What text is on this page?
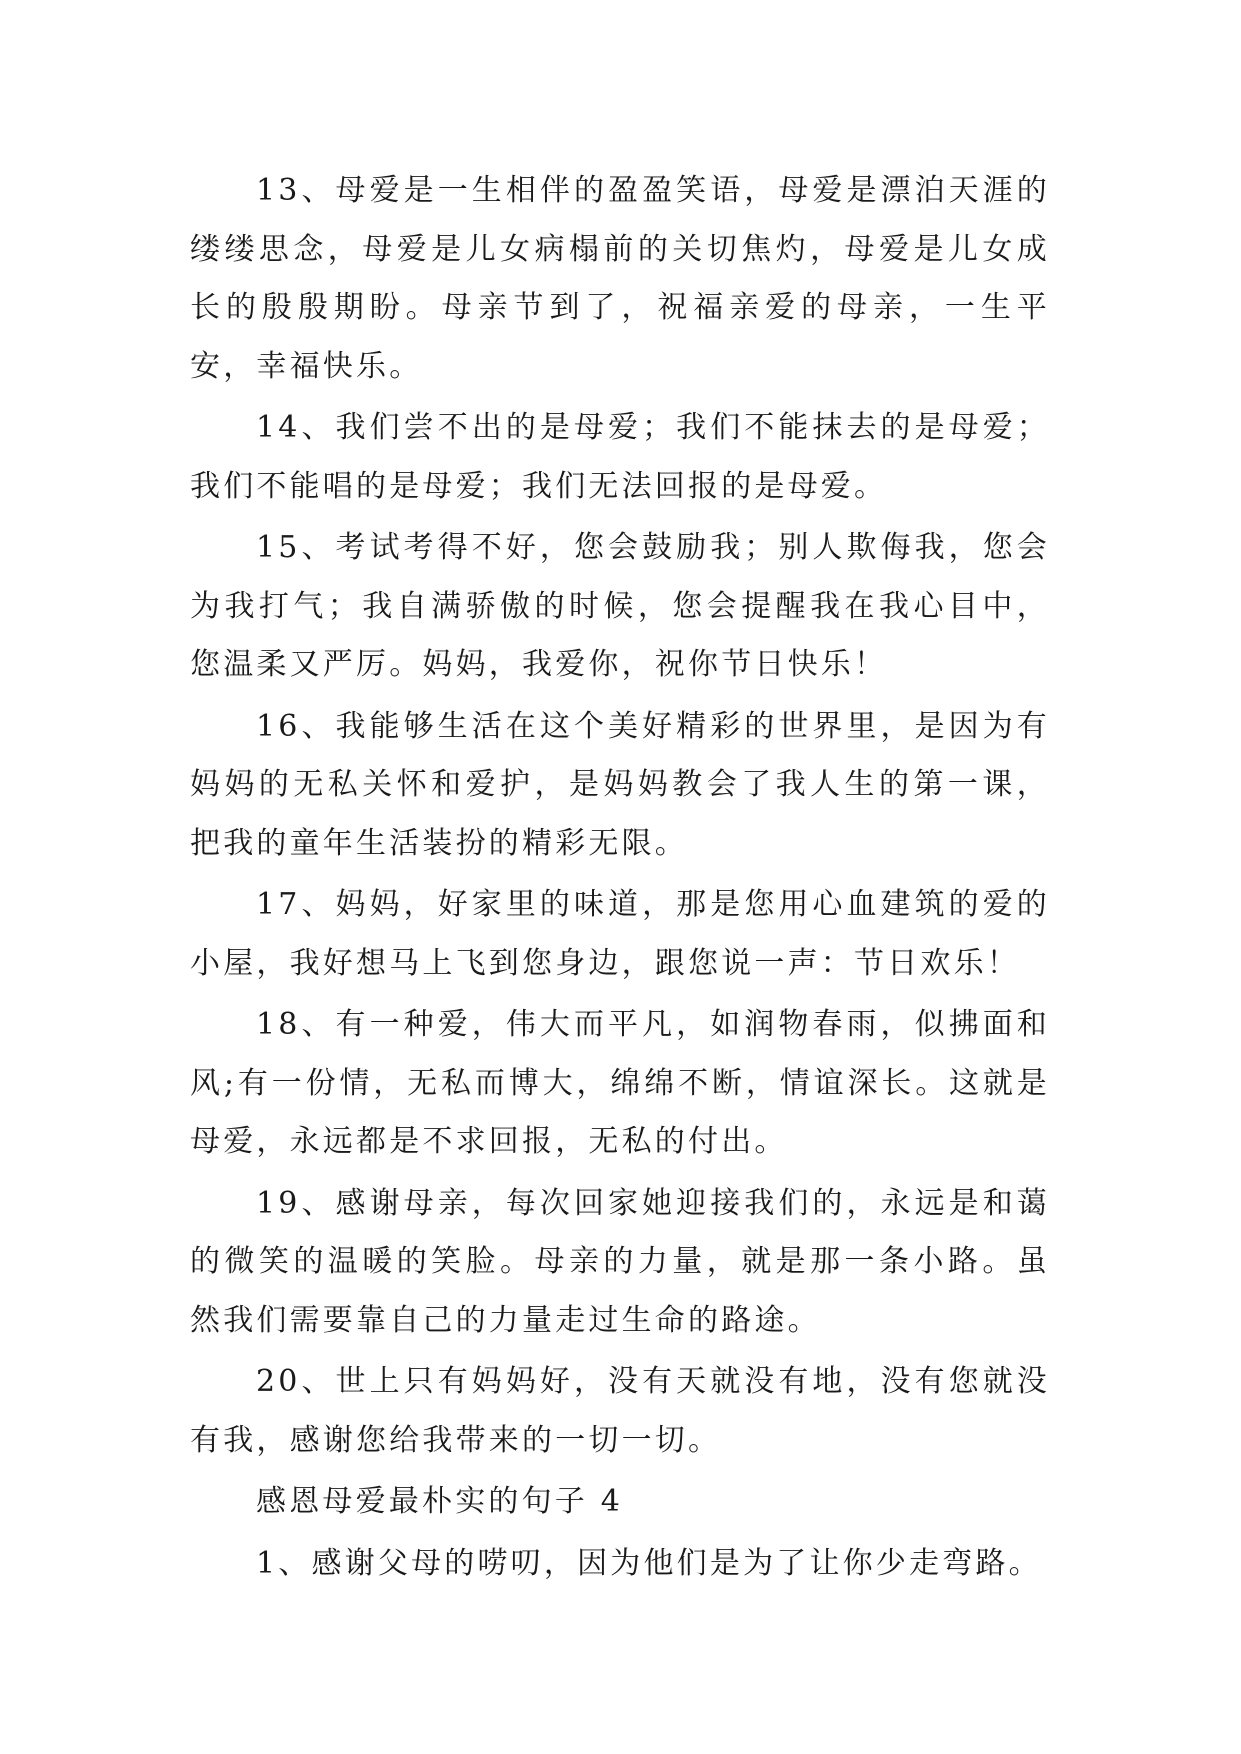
13、母爱是一生相伴的盈盈笑语，母爱是漂泊天涯的缕缕思念，母爱是儿女病榻前的关切焦灼，母爱是儿女成长的殷殷期盼。母亲节到了，祝福亲爱的母亲，一生平安，幸福快乐。

14、我们尝不出的是母爱；我们不能抹去的是母爱；我们不能唱的是母爱；我们无法回报的是母爱。

15、考试考得不好，您会鼓励我；别人欺侮我，您会为我打气；我自满骄傲的时候，您会提醒我在我心目中，您温柔又严厉。妈妈，我爱你，祝你节日快乐！

16、我能够生活在这个美好精彩的世界里，是因为有妈妈的无私关怀和爱护，是妈妈教会了我人生的第一课，把我的童年生活装扮的精彩无限。

17、妈妈，好家里的味道，那是您用心血建筑的爱的小屋，我好想马上飞到您身边，跟您说一声：节日欢乐！

18、有一种爱，伟大而平凡，如润物春雨，似拂面和风;有一份情，无私而博大，绵绵不断，情谊深长。这就是母爱，永远都是不求回报，无私的付出。

19、感谢母亲，每次回家她迎接我们的，永远是和蔼的微笑的温暖的笑脸。母亲的力量，就是那一条小路。虽然我们需要靠自己的力量走过生命的路途。

20、世上只有妈妈好，没有天就没有地，没有您就没有我，感谢您给我带来的一切一切。

感恩母爱最朴实的句子 4

1、感谢父母的唠叨，因为他们是为了让你少走弯路。
